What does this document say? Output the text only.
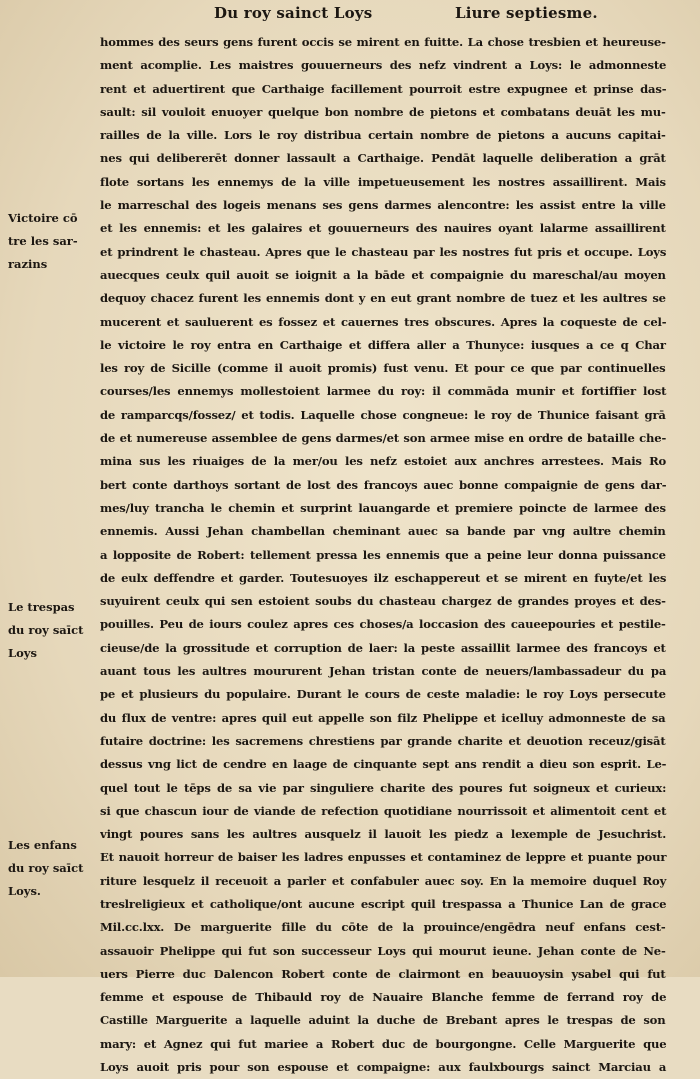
Du roy sainct Loys	Liure septiesme.
hommes des seurs gens furent occis se mirent en fuitte. La chose tresbien et heureuse-
ment acomplie. Les maistres gouuerneurs des nefz vindrent a Loys: le admonneste
rent et aduertirent que Carthaige facillement pourroit estre expugnee et prinse das-
sault: sil vouloit enuoyer quelque bon nombre de pietons et combatans deuāt les mu-
railles de la ville. Lors le roy distribua certain nombre de pietons a aucuns capitai-
nes qui delibererēt donner lassault a Carthaige. Pendāt laquelle deliberation a grāt
flote sortans les ennemys de la ville impetueusement les nostres assaillirent. Mais
le marreschal des logeis menans ses gens darmes alencontre: les assist entre la ville
et les ennemis: et les galaires et gouuerneurs des nauires oyant lalarme assaillirent
et prindrent le chasteau. Apres que le chasteau par les nostres fut pris et occupe. Loys
auecques ceulx quil auoit se ioignit a la bāde et compaignie du mareschal/au moyen
dequoy chacez furent les ennemis dont y en eut grant nombre de tuez et les aultres se
mucerent et sauluerent es fossez et cauernes tres obscures. Apres la coqueste de cel-
le victoire le roy entra en Carthaige et differa aller a Thunyce: iusques a ce q Char
les roy de Sicille (comme il auoit promis) fust venu. Et pour ce que par continuelles
courses/les ennemys mollestoient larmee du roy: il commāda munir et fortiffier lost
de ramparcqs/fossez/ et todis. Laquelle chose congneue: le roy de Thunice faisant grā
de et numereuse assemblee de gens darmes/et son armee mise en ordre de bataille che-
mina sus les riuaiges de la mer/ou les nefz estoiet aux anchres arrestees. Mais Ro
bert conte darthoys sortant de lost des francoys auec bonne compaignie de gens dar-
mes/luy trancha le chemin et surprint lauangarde et premiere poincte de larmee des
ennemis. Aussi Jehan chambellan cheminant auec sa bande par vng aultre chemin
a lopposite de Robert: tellement pressa les ennemis que a peine leur donna puissance
de eulx deffendre et garder. Toutesuoyes ilz eschappereut et se mirent en fuyte/et les
suyuirent ceulx qui sen estoient soubs du chasteau chargez de grandes proyes et des-
pouilles. Peu de iours coulez apres ces choses/a loccasion des caueepouries et pestile-
cieuse/de la grossitude et corruption de laer: la peste assaillit larmee des francoys et
auant tous les aultres moururent Jehan tristan conte de neuers/lambassadeur du pa
pe et plusieurs du populaire. Durant le cours de ceste maladie: le roy Loys persecute
du flux de ventre: apres quil eut appelle son filz Phelippe et icelluy admonneste de sa
futaire doctrine: les sacremens chrestiens par grande charite et deuotion receuz/gisāt
dessus vng lict de cendre en laage de cinquante sept ans rendit a dieu son esprit. Le-
quel tout le tēps de sa vie par singuliere charite des poures fut soigneux et curieux:
si que chascun iour de viande de refection quotidiane nourrissoit et alimentoit cent et
vingt poures sans les aultres ausquelz il lauoit les piedz a lexemple de Jesuchrist.
Et nauoit horreur de baiser les ladres enpusses et contaminez de leppre et puante pour
riture lesquelz il receuoit a parler et confabuler auec soy. En la memoire duquel Roy
treslreligieux et catholique/ont aucune escript quil trespassa a Thunice Lan de grace
Mil.cc.lxx. De marguerite fille du cōte de la prouince/engēdra neuf enfans cest-
assauoir Phelippe qui fut son successeur Loys qui mourut ieune. Jehan conte de Ne-
uers Pierre duc Dalencon Robert conte de clairmont en beauuoysin ysabel qui fut
femme et espouse de Thibauld roy de Nauaire Blanche femme de ferrand roy de
Castille Marguerite a laquelle aduint la duche de Brebant apres le trespas de son
mary: et Agnez qui fut mariee a Robert duc de bourgongne. Celle Marguerite que
Loys auoit pris pour son espouse et compaigne: aux faulxbourgs sainct Marciau a
Victoire cō
tre les sar-
razins
Le trespas
du roy saīct
Loys
Les enfans
du roy saīct
Loys.
